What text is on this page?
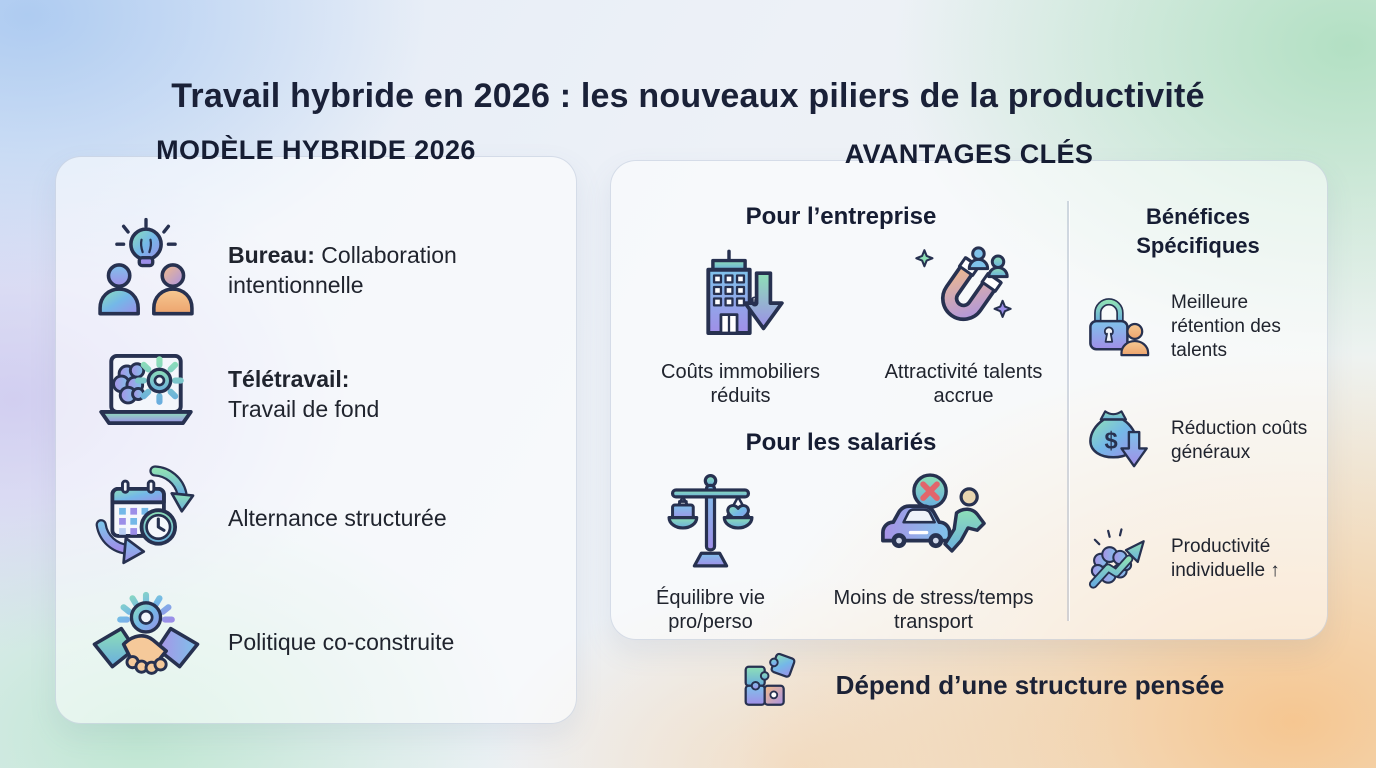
Travail hybride en 2026 : les nouveaux piliers de la productivité
MODÈLE HYBRIDE 2026
Bureau: Collaboration intentionnelle
Télétravail:
Travail de fond
Alternance structurée
Politique co-construite
AVANTAGES CLÉS
Pour l’entreprise
€
Coûts immobiliers réduits
Attractivité talents accrue
Pour les salariés
Équilibre vie pro/perso
Moins de stress/temps transport
Bénéfices Spécifiques
Meilleure rétention des talents
$	Réduction coûts généraux
Productivité individuelle ↑
Dépend d’une structure pensée
